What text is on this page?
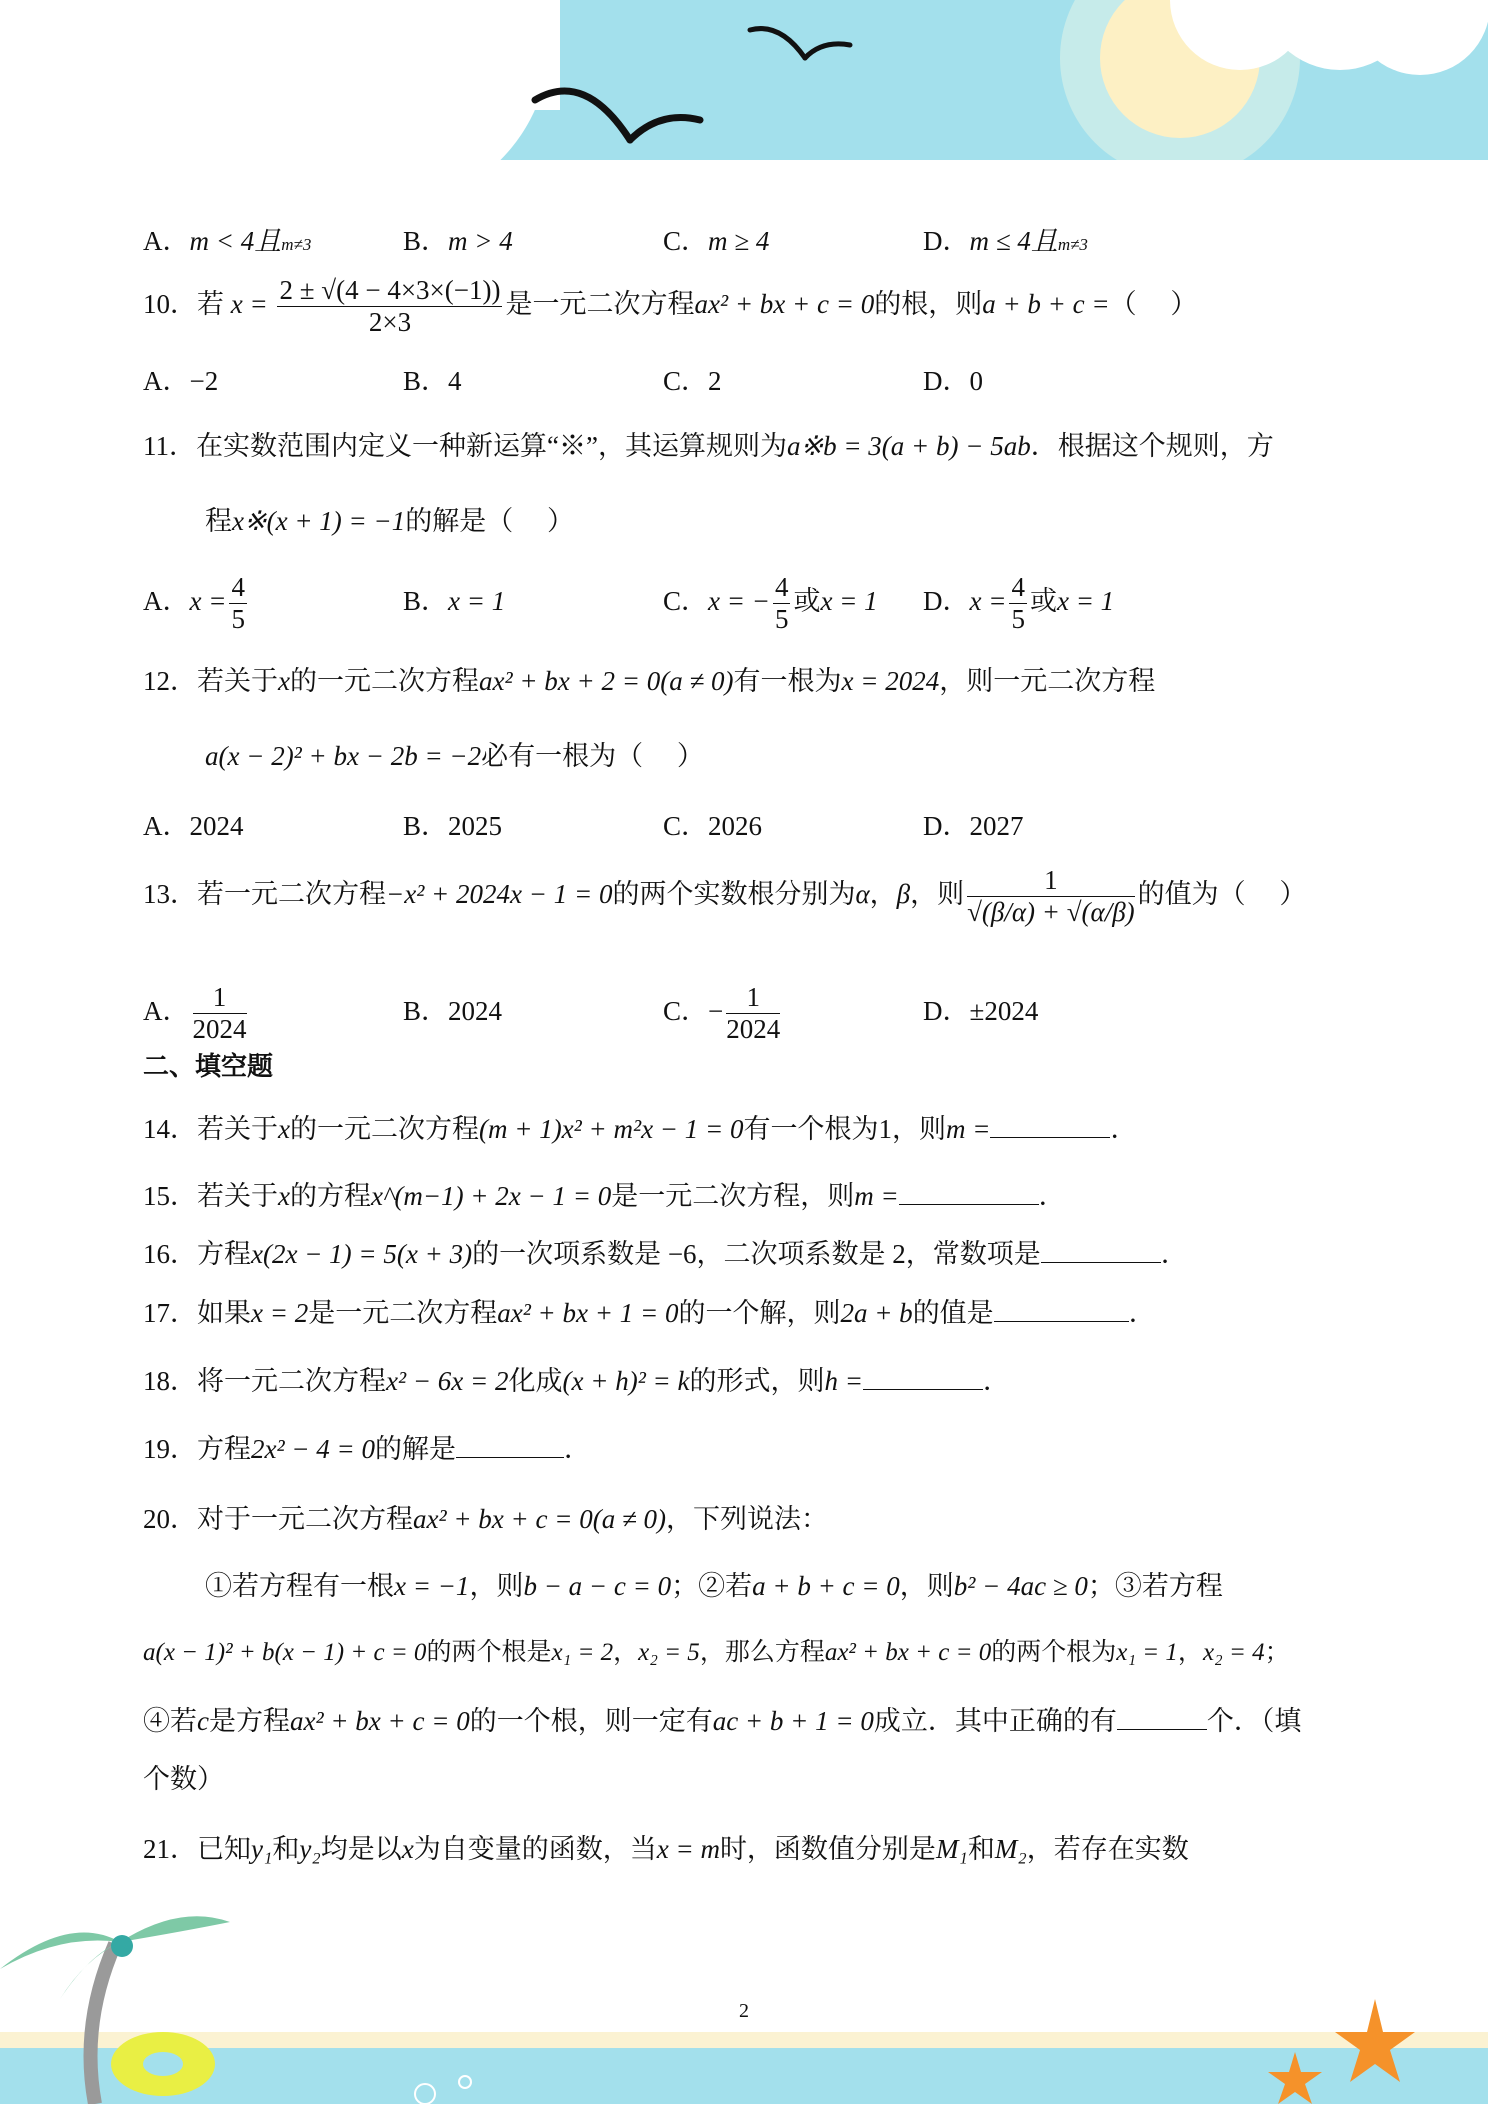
A．m < 4且m≠3	B．m > 4	C．m ≥ 4	D．m ≤ 4且m≠3
10．若 $x = \frac{2 \pm √(4 - 4\times 3\times(-1))}{2\times 3}$ 是一元二次方程ax² + bx + c = 0的根，则a + b + c =（　 ）
A．−2	B．4	C．2	D．0
11．在实数范围内定义一种新运算“※”，其运算规则为a※b = 3(a + b) − 5ab．根据这个规则，方
程x※(x + 1) = −1的解是（　 ）
A．$x = \frac{4}{5}$	B．x = 1	C．x = − $\frac{4}{5}$ 或x = 1 D．$x = \frac{4}{5}$ 或x = 1
12．若关于x的一元二次方程ax² + bx + 2 = 0(a ≠ 0)有一根为x = 2024，则一元二次方程
a(x − 2)² + bx − 2b = −2必有一根为（　 ）
A．2024	B．2025	C．2026	D．2027
13．若一元二次方程−x² + 2024x − 1 = 0的两个实数根分别为α，β，则 $\frac{1}{√(\beta/\alpha) + √(\alpha/\beta)}$ 的值为（　 ）
A． $\frac{1}{2024}$	B．2024	C．− $\frac{1}{2024}$	D．±2024
二、填空题
14．若关于x的一元二次方程(m + 1)x² + m²x − 1 = 0有一个根为1，则m =	．
15．若关于x的方程x^(m−1) + 2x − 1 = 0是一元二次方程，则m =	．
16．方程x(2x − 1) = 5(x + 3)的一次项系数是 −6，二次项系数是 2，常数项是	．
17．如果x = 2是一元二次方程ax² + bx + 1 = 0的一个解，则2a + b的值是	．
18．将一元二次方程x² − 6x = 2化成(x + h)² = k的形式，则h =	．
19．方程2x² − 4 = 0的解是	．
20．对于一元二次方程ax² + bx + c = 0(a ≠ 0)，下列说法：
①若方程有一根x = −1，则b − a − c = 0；②若a + b + c = 0，则b² − 4ac ≥ 0；③若方程
a(x − 1)² + b(x − 1) + c = 0的两个根是x₁ = 2，x₂ = 5，那么方程ax² + bx + c = 0的两个根为x₁ = 1，x₂ = 4；
④若c是方程ax² + bx + c = 0的一个根，则一定有ac + b + 1 = 0成立．其中正确的有	个．（填
个数）
21．已知y₁和y₂均是以x为自变量的函数，当x = m时，函数值分别是M₁和M₂，若存在实数
2
